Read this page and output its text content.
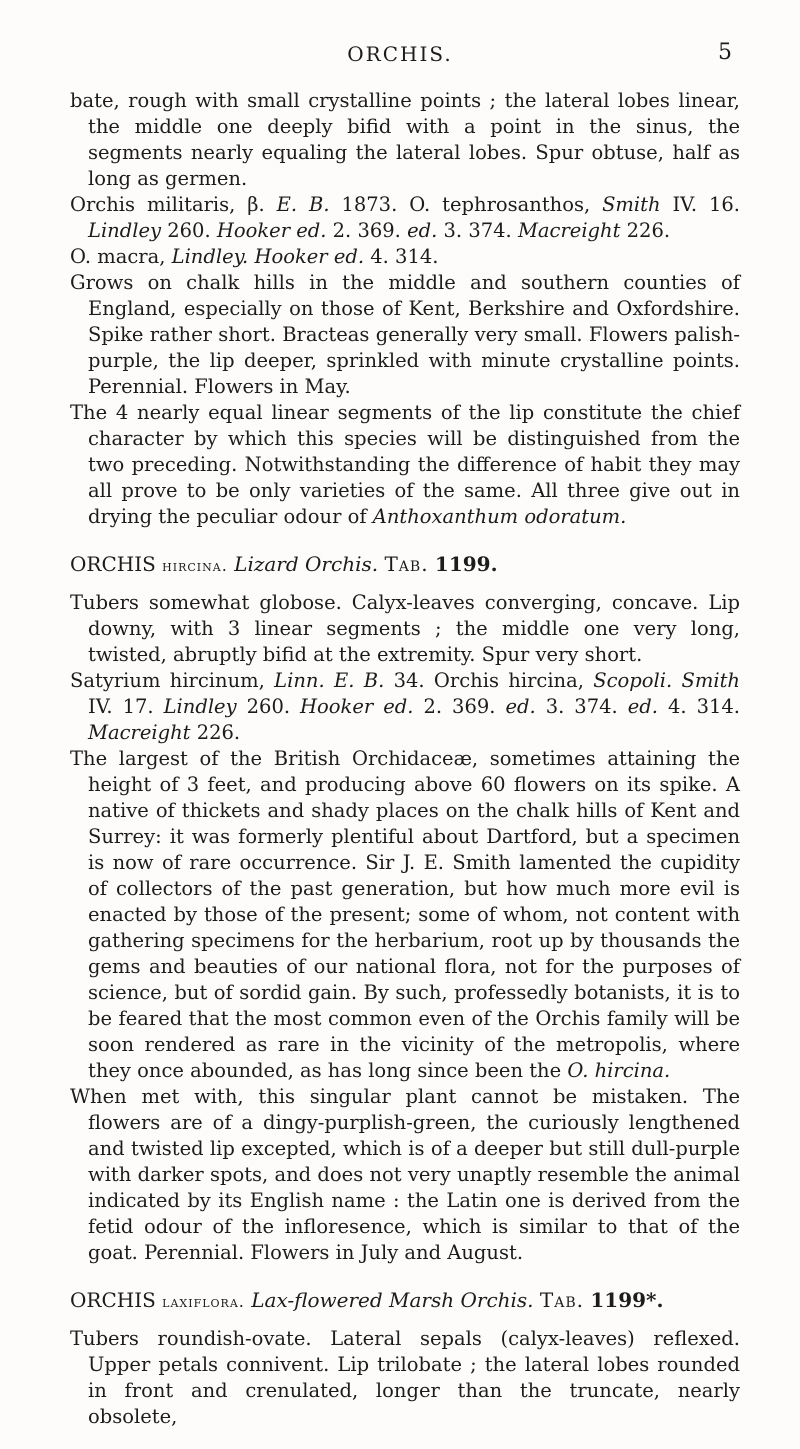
ORCHIS.	5

bate, rough with small crystalline points ; the lateral lobes linear, the middle one deeply bifid with a point in the sinus, the segments nearly equaling the lateral lobes. Spur obtuse, half as long as germen.

Orchis militaris, β. E. B. 1873. O. tephrosanthos, Smith IV. 16. Lindley 260. Hooker ed. 2. 369. ed. 3. 374. Macreight 226.

O. macra, Lindley. Hooker ed. 4. 314.

Grows on chalk hills in the middle and southern counties of England, especially on those of Kent, Berkshire and Oxfordshire. Spike rather short. Bracteas generally very small. Flowers palish-purple, the lip deeper, sprinkled with minute crystalline points. Perennial. Flowers in May.

The 4 nearly equal linear segments of the lip constitute the chief character by which this species will be distinguished from the two preceding. Notwithstanding the difference of habit they may all prove to be only varieties of the same. All three give out in drying the peculiar odour of Anthoxanthum odoratum.

ORCHIS hircina. Lizard Orchis. Tab. 1199.

Tubers somewhat globose. Calyx-leaves converging, concave. Lip downy, with 3 linear segments ; the middle one very long, twisted, abruptly bifid at the extremity. Spur very short.

Satyrium hircinum, Linn. E. B. 34. Orchis hircina, Scopoli. Smith IV. 17. Lindley 260. Hooker ed. 2. 369. ed. 3. 374. ed. 4. 314. Macreight 226.

The largest of the British Orchidaceæ, sometimes attaining the height of 3 feet, and producing above 60 flowers on its spike. A native of thickets and shady places on the chalk hills of Kent and Surrey: it was formerly plentiful about Dartford, but a specimen is now of rare occurrence. Sir J. E. Smith lamented the cupidity of collectors of the past generation, but how much more evil is enacted by those of the present; some of whom, not content with gathering specimens for the herbarium, root up by thousands the gems and beauties of our national flora, not for the purposes of science, but of sordid gain. By such, professedly botanists, it is to be feared that the most common even of the Orchis family will be soon rendered as rare in the vicinity of the metropolis, where they once abounded, as has long since been the O. hircina.

When met with, this singular plant cannot be mistaken. The flowers are of a dingy-purplish-green, the curiously lengthened and twisted lip excepted, which is of a deeper but still dull-purple with darker spots, and does not very unaptly resemble the animal indicated by its English name : the Latin one is derived from the fetid odour of the infloresence, which is similar to that of the goat. Perennial. Flowers in July and August.

ORCHIS laxiflora. Lax-flowered Marsh Orchis. Tab. 1199*.

Tubers roundish-ovate. Lateral sepals (calyx-leaves) reflexed. Upper petals connivent. Lip trilobate ; the lateral lobes rounded in front and crenulated, longer than the truncate, nearly obsolete,
